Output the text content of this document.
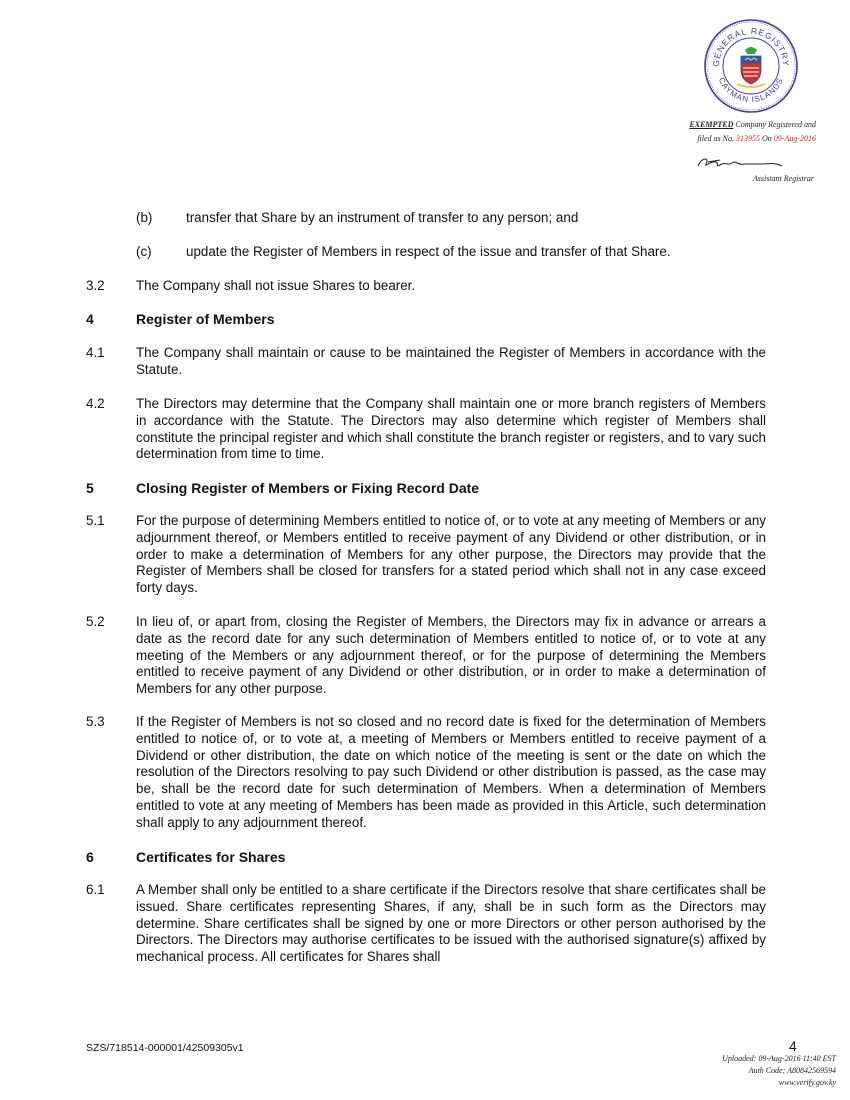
GENERAL REGISTRY
CAYMAN ISLANDS
EXEMPTED Company Registered and
filed as No. 313955 On 09-Aug-2016
Assistant Registrar
(b)	transfer that Share by an instrument of transfer to any person; and
(c)	update the Register of Members in respect of the issue and transfer of that Share.
3.2 The Company shall not issue Shares to bearer.
4	Register of Members
4.1 The Company shall maintain or cause to be maintained the Register of Members in accordance with the Statute.
4.2 The Directors may determine that the Company shall maintain one or more branch registers of Members in accordance with the Statute. The Directors may also determine which register of Members shall constitute the principal register and which shall constitute the branch register or registers, and to vary such determination from time to time.
5	Closing Register of Members or Fixing Record Date
5.1 For the purpose of determining Members entitled to notice of, or to vote at any meeting of Members or any adjournment thereof, or Members entitled to receive payment of any Dividend or other distribution, or in order to make a determination of Members for any other purpose, the Directors may provide that the Register of Members shall be closed for transfers for a stated period which shall not in any case exceed forty days.
5.2 In lieu of, or apart from, closing the Register of Members, the Directors may fix in advance or arrears a date as the record date for any such determination of Members entitled to notice of, or to vote at any meeting of the Members or any adjournment thereof, or for the purpose of determining the Members entitled to receive payment of any Dividend or other distribution, or in order to make a determination of Members for any other purpose.
5.3 If the Register of Members is not so closed and no record date is fixed for the determination of Members entitled to notice of, or to vote at, a meeting of Members or Members entitled to receive payment of a Dividend or other distribution, the date on which notice of the meeting is sent or the date on which the resolution of the Directors resolving to pay such Dividend or other distribution is passed, as the case may be, shall be the record date for such determination of Members. When a determination of Members entitled to vote at any meeting of Members has been made as provided in this Article, such determination shall apply to any adjournment thereof.
6	Certificates for Shares
6.1 A Member shall only be entitled to a share certificate if the Directors resolve that share certificates shall be issued. Share certificates representing Shares, if any, shall be in such form as the Directors may determine. Share certificates shall be signed by one or more Directors or other person authorised by the Directors. The Directors may authorise certificates to be issued with the authorised signature(s) affixed by mechanical process. All certificates for Shares shall
SZS/718514-000001/42509305v1	4
Uploaded: 09-Aug-2016 11:40 EST
Auth Code: A80842569594
www.verify.gov.ky
